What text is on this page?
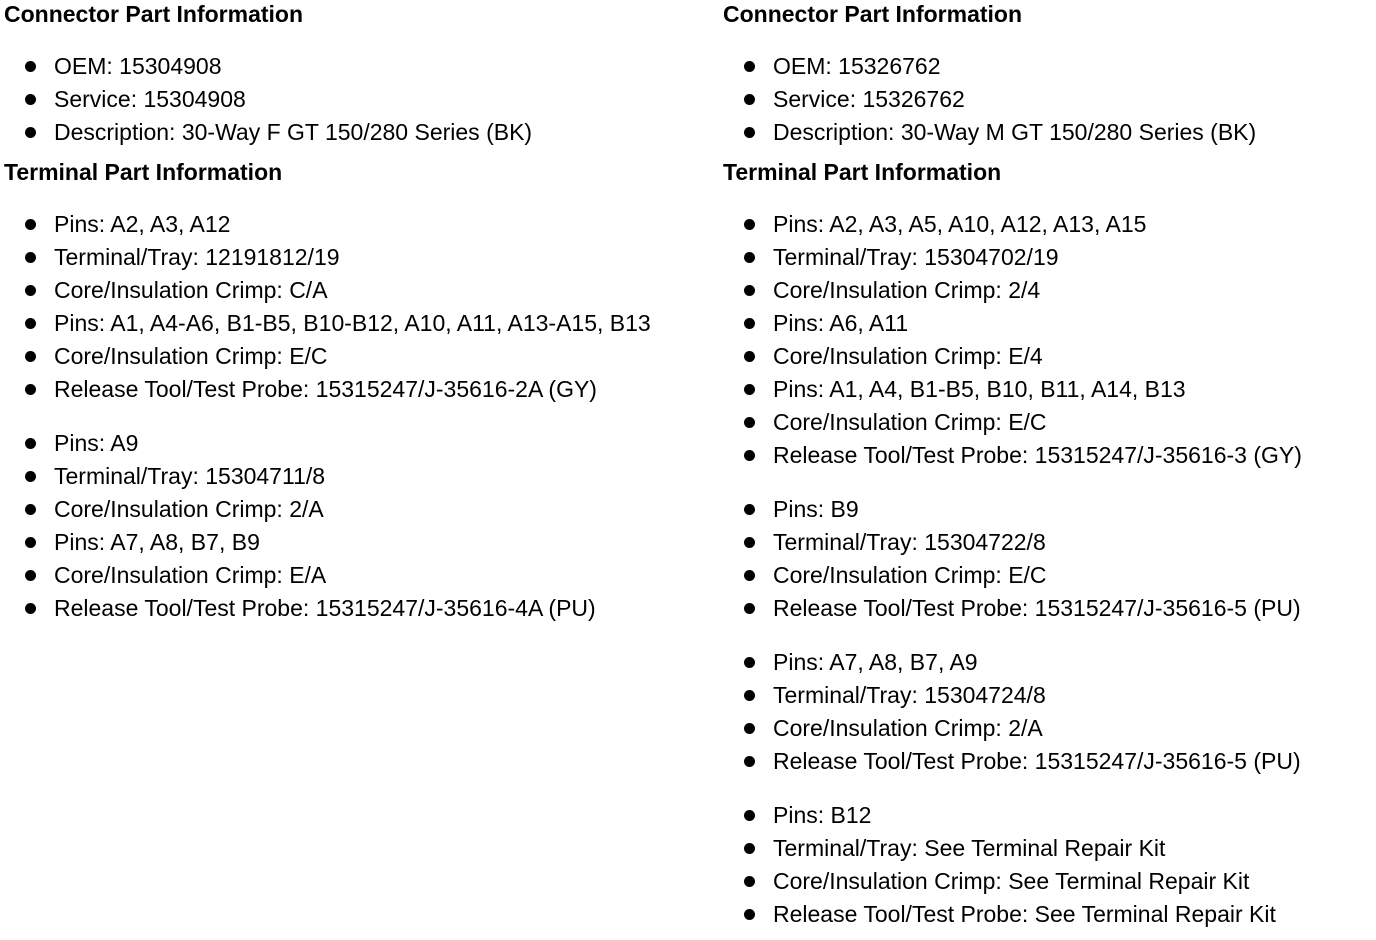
Connector Part Information
OEM: 15304908
Service: 15304908
Description: 30-Way F GT 150/280 Series (BK)
Terminal Part Information
Pins: A2, A3, A12
Terminal/Tray: 12191812/19
Core/Insulation Crimp: C/A
Pins: A1, A4-A6, B1-B5, B10-B12, A10, A11, A13-A15, B13
Core/Insulation Crimp: E/C
Release Tool/Test Probe: 15315247/J-35616-2A (GY)
Pins: A9
Terminal/Tray: 15304711/8
Core/Insulation Crimp: 2/A
Pins: A7, A8, B7, B9
Core/Insulation Crimp: E/A
Release Tool/Test Probe: 15315247/J-35616-4A (PU)
Connector Part Information
OEM: 15326762
Service: 15326762
Description: 30-Way M GT 150/280 Series (BK)
Terminal Part Information
Pins: A2, A3, A5, A10, A12, A13, A15
Terminal/Tray: 15304702/19
Core/Insulation Crimp: 2/4
Pins: A6, A11
Core/Insulation Crimp: E/4
Pins: A1, A4, B1-B5, B10, B11, A14, B13
Core/Insulation Crimp: E/C
Release Tool/Test Probe: 15315247/J-35616-3 (GY)
Pins: B9
Terminal/Tray: 15304722/8
Core/Insulation Crimp: E/C
Release Tool/Test Probe: 15315247/J-35616-5 (PU)
Pins: A7, A8, B7, A9
Terminal/Tray: 15304724/8
Core/Insulation Crimp: 2/A
Release Tool/Test Probe: 15315247/J-35616-5 (PU)
Pins: B12
Terminal/Tray: See Terminal Repair Kit
Core/Insulation Crimp: See Terminal Repair Kit
Release Tool/Test Probe: See Terminal Repair Kit
